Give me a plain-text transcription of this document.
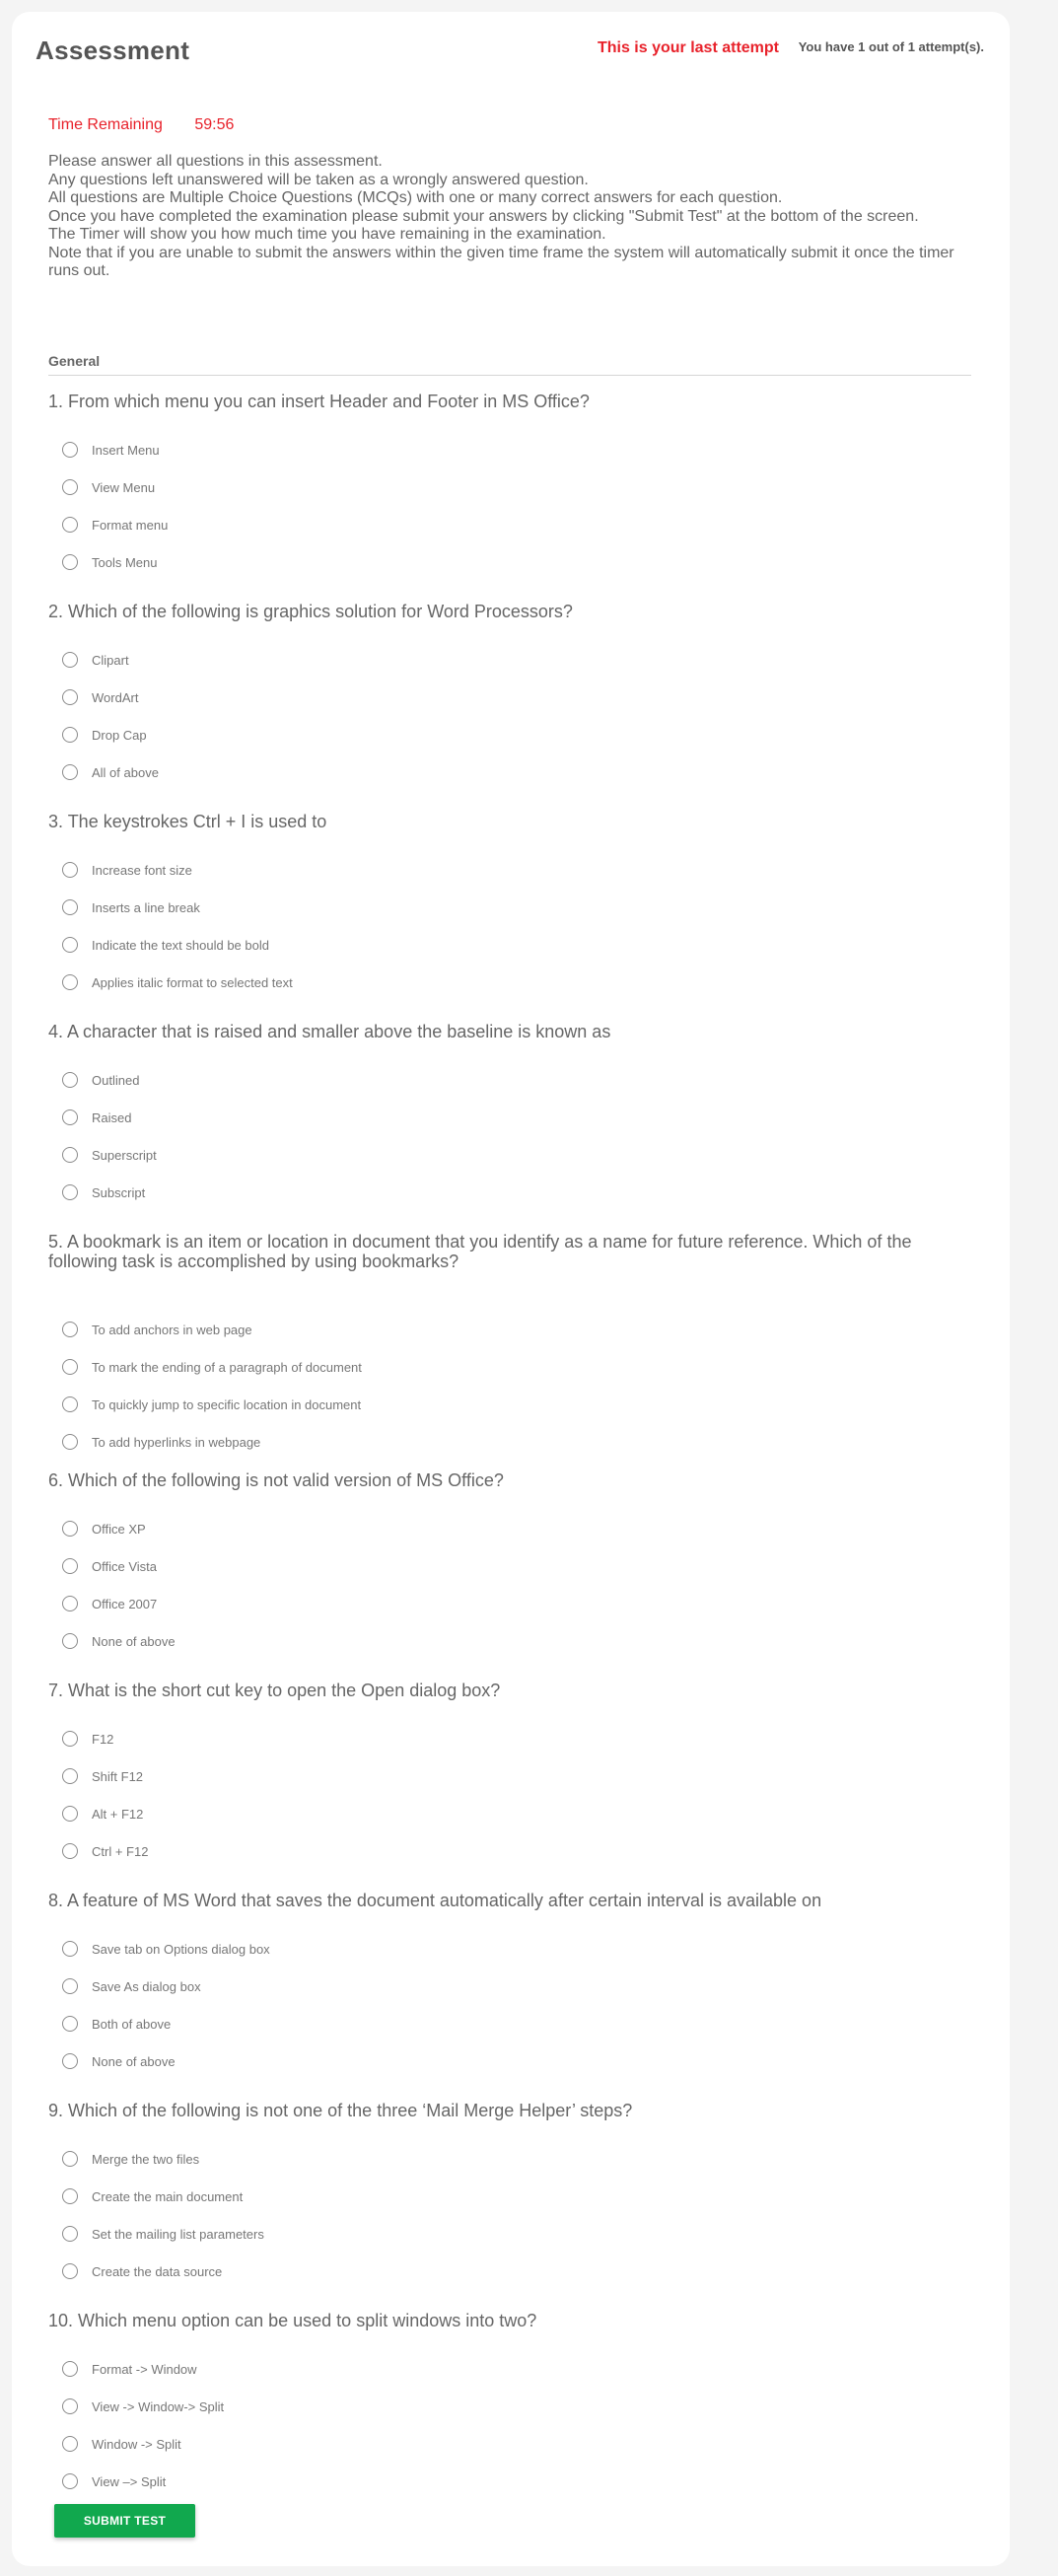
Assessment	This is your last attempt You have 1 out of 1 attempt(s).
Time Remaining 59:56
Please answer all questions in this assessment.
Any questions left unanswered will be taken as a wrongly answered question.
All questions are Multiple Choice Questions (MCQs) with one or many correct answers for each question.
Once you have completed the examination please submit your answers by clicking "Submit Test" at the bottom of the screen.
The Timer will show you how much time you have remaining in the examination.
Note that if you are unable to submit the answers within the given time frame the system will automatically submit it once the timer runs out.
General
1. From which menu you can insert Header and Footer in MS Office?
Insert Menu
View Menu
Format menu
Tools Menu
2. Which of the following is graphics solution for Word Processors?
Clipart
WordArt
Drop Cap
All of above
3. The keystrokes Ctrl + I is used to
Increase font size
Inserts a line break
Indicate the text should be bold
Applies italic format to selected text
4. A character that is raised and smaller above the baseline is known as
Outlined
Raised
Superscript
Subscript
5. A bookmark is an item or location in document that you identify as a name for future reference. Which of the following task is accomplished by using bookmarks?
To add anchors in web page
To mark the ending of a paragraph of document
To quickly jump to specific location in document
To add hyperlinks in webpage
6. Which of the following is not valid version of MS Office?
Office XP
Office Vista
Office 2007
None of above
7. What is the short cut key to open the Open dialog box?
F12
Shift F12
Alt + F12
Ctrl + F12
8. A feature of MS Word that saves the document automatically after certain interval is available on
Save tab on Options dialog box
Save As dialog box
Both of above
None of above
9. Which of the following is not one of the three ‘Mail Merge Helper’ steps?
Merge the two files
Create the main document
Set the mailing list parameters
Create the data source
10. Which menu option can be used to split windows into two?
Format -> Window
View -> Window-> Split
Window -> Split
View –> Split
SUBMIT TEST
